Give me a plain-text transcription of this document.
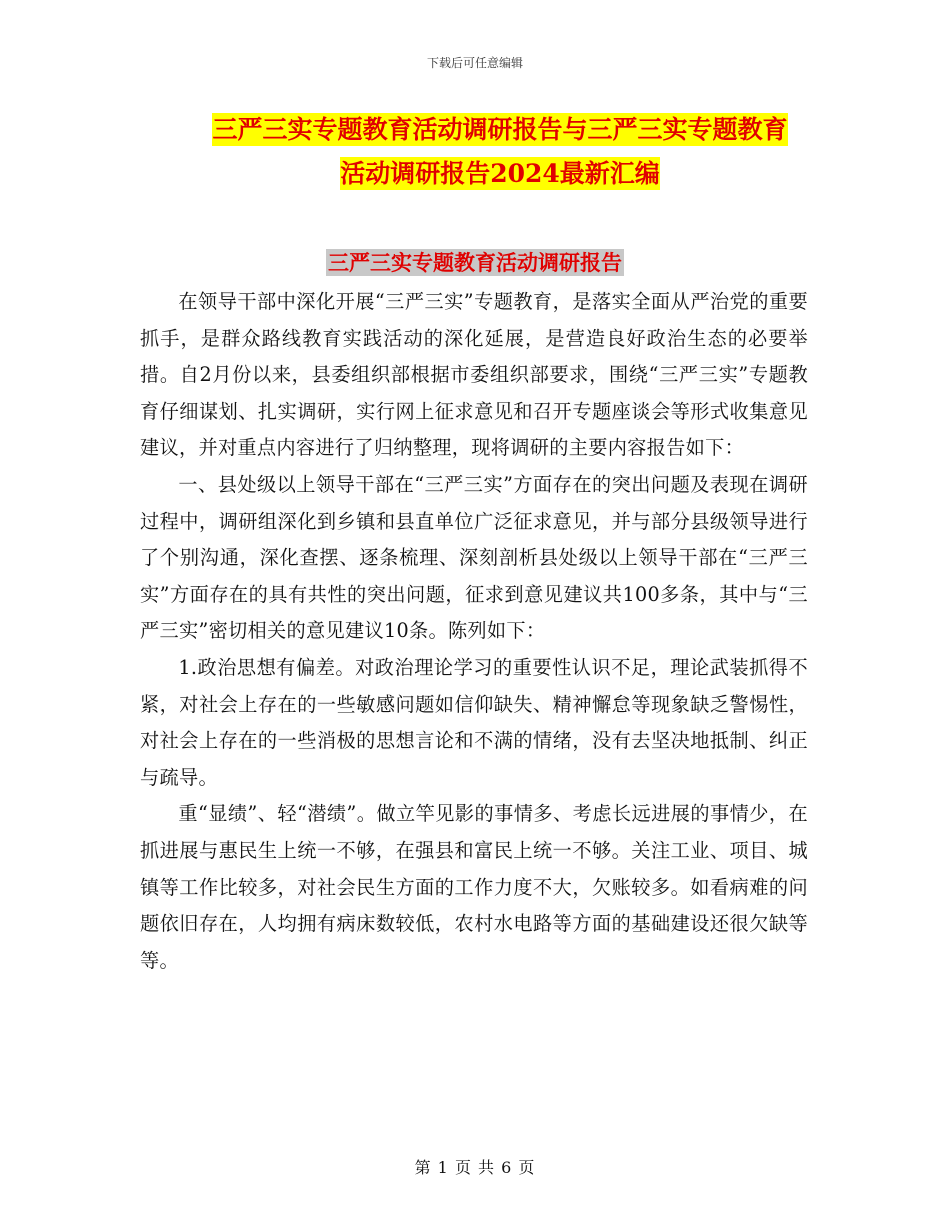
下载后可任意编辑
三严三实专题教育活动调研报告与三严三实专题教育
活动调研报告2024最新汇编
三严三实专题教育活动调研报告

在领导干部中深化开展“三严三实”专题教育，是落实全面从严治党的重要抓手，是群众路线教育实践活动的深化延展，是营造良好政治生态的必要举措。自2月份以来，县委组织部根据市委组织部要求，围绕“三严三实”专题教育仔细谋划、扎实调研，实行网上征求意见和召开专题座谈会等形式收集意见建议，并对重点内容进行了归纳整理，现将调研的主要内容报告如下：

一、县处级以上领导干部在“三严三实”方面存在的突出问题及表现在调研过程中，调研组深化到乡镇和县直单位广泛征求意见，并与部分县级领导进行了个别沟通，深化查摆、逐条梳理、深刻剖析县处级以上领导干部在“三严三实”方面存在的具有共性的突出问题，征求到意见建议共100多条，其中与“三严三实”密切相关的意见建议10条。陈列如下：

1.政治思想有偏差。对政治理论学习的重要性认识不足，理论武装抓得不紧，对社会上存在的一些敏感问题如信仰缺失、精神懈怠等现象缺乏警惕性，对社会上存在的一些消极的思想言论和不满的情绪，没有去坚决地抵制、纠正与疏导。

重“显绩”、轻“潜绩”。做立竿见影的事情多、考虑长远进展的事情少，在抓进展与惠民生上统一不够，在强县和富民上统一不够。关注工业、项目、城镇等工作比较多，对社会民生方面的工作力度不大，欠账较多。如看病难的问题依旧存在，人均拥有病床数较低，农村水电路等方面的基础建设还很欠缺等等。

第 1 页 共 6 页
